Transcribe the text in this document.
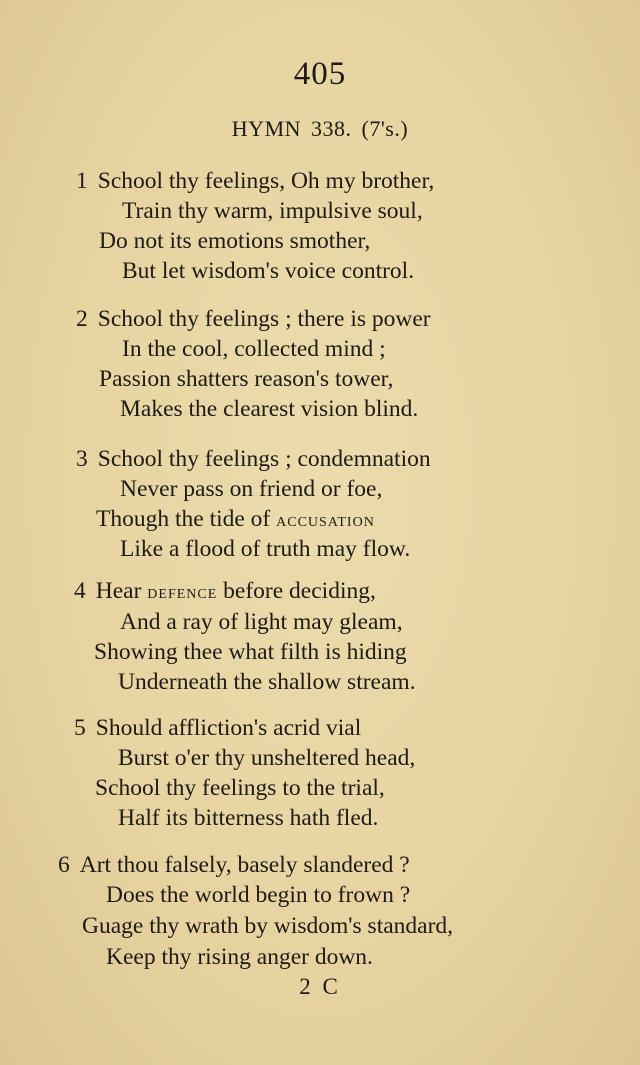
405
HYMN 338. (7's.)
1 School thy feelings, Oh my brother,
Train thy warm, impulsive soul,
Do not its emotions smother,
But let wisdom's voice control.
2 School thy feelings ; there is power
In the cool, collected mind ;
Passion shatters reason's tower,
Makes the clearest vision blind.
3 School thy feelings ; condemnation
Never pass on friend or foe,
Though the tide of accusation
Like a flood of truth may flow.
4 Hear defence before deciding,
And a ray of light may gleam,
Showing thee what filth is hiding
Underneath the shallow stream.
5 Should affliction's acrid vial
Burst o'er thy unsheltered head,
School thy feelings to the trial,
Half its bitterness hath fled.
6 Art thou falsely, basely slandered ?
Does the world begin to frown ?
Guage thy wrath by wisdom's standard,
Keep thy rising anger down.
2 C
